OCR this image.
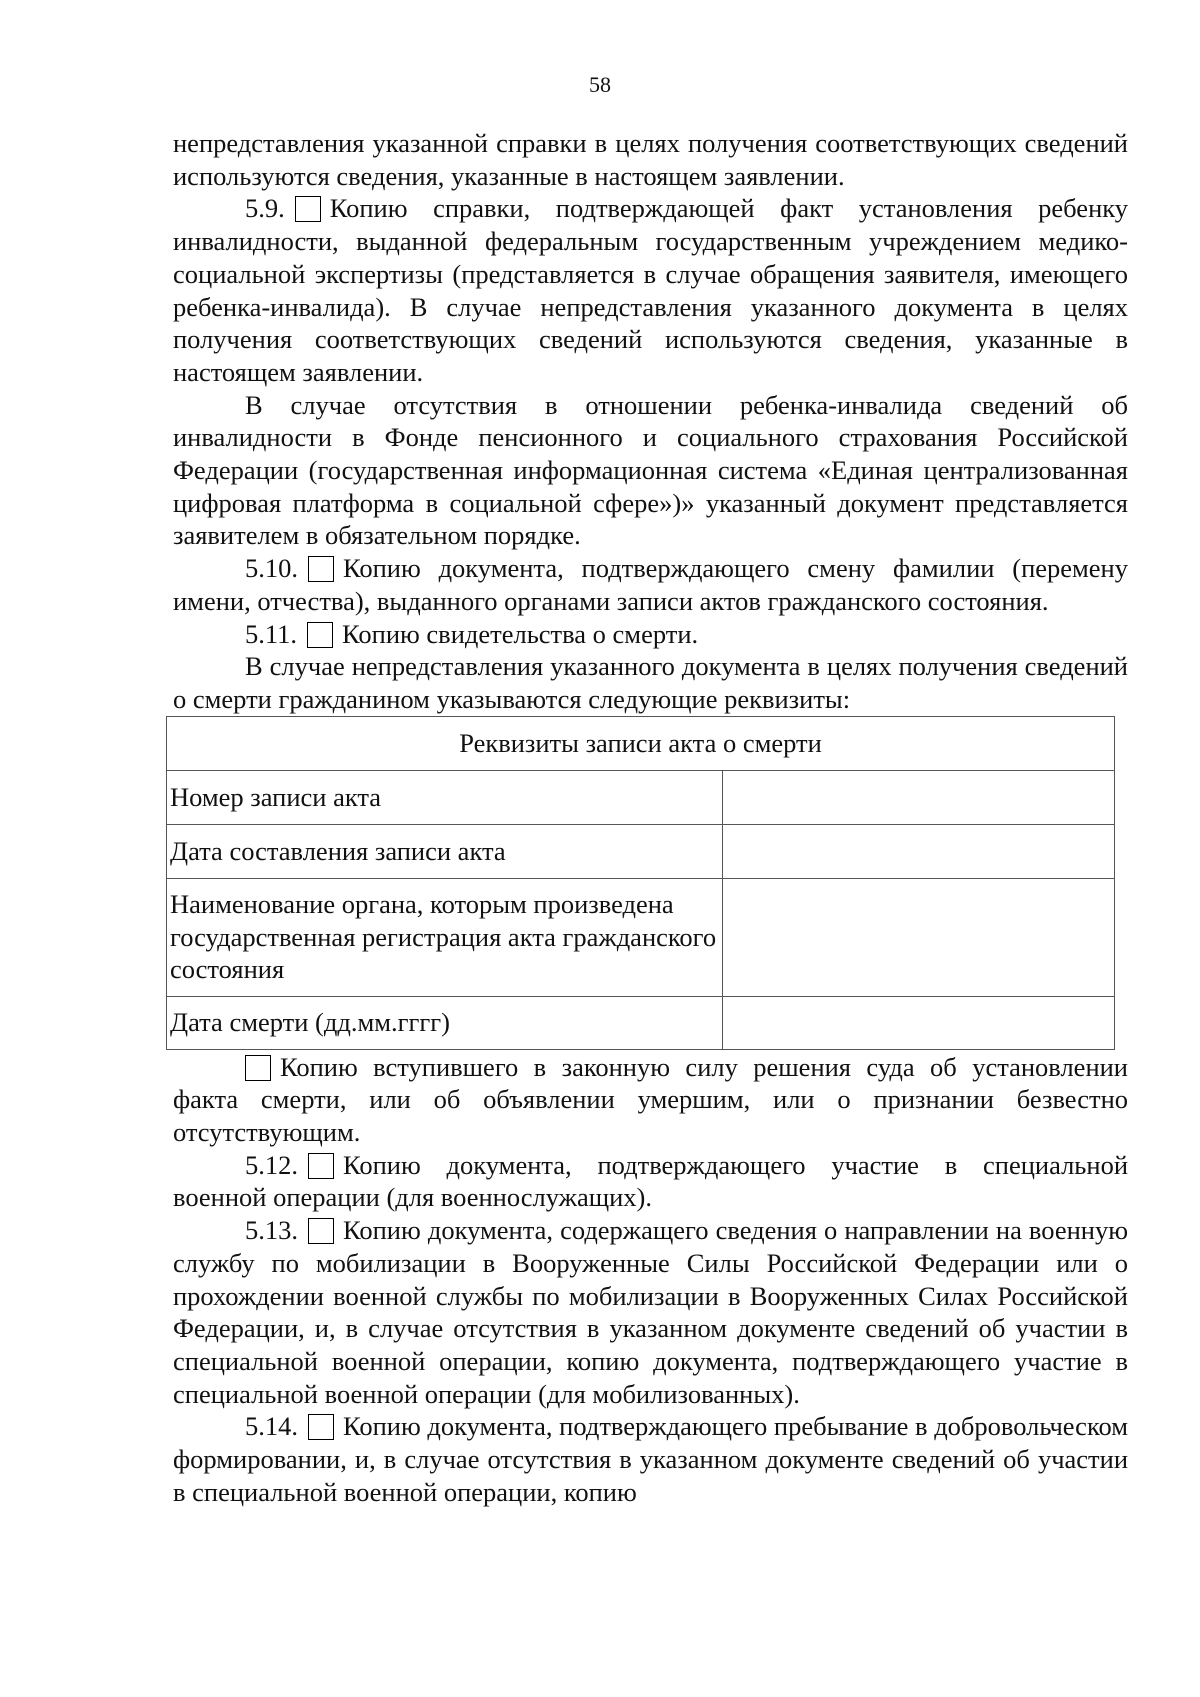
58

непредставления указанной справки в целях получения соответствующих сведений используются сведения, указанные в настоящем заявлении.

5.9. Копию справки, подтверждающей факт установления ребенку инвалидности, выданной федеральным государственным учреждением медико-социальной экспертизы (представляется в случае обращения заявителя, имеющего ребенка-инвалида). В случае непредставления указанного документа в целях получения соответствующих сведений используются сведения, указанные в настоящем заявлении.

В случае отсутствия в отношении ребенка-инвалида сведений об инвалидности в Фонде пенсионного и социального страхования Российской Федерации (государственная информационная система «Единая централизованная цифровая платформа в социальной сфере»)» указанный документ представляется заявителем в обязательном порядке.

5.10. Копию документа, подтверждающего смену фамилии (перемену имени, отчества), выданного органами записи актов гражданского состояния.

5.11. Копию свидетельства о смерти.

В случае непредставления указанного документа в целях получения сведений о смерти гражданином указываются следующие реквизиты:

Реквизиты записи акта о смерти	
Номер записи акта	
Дата составления записи акта	
Наименование органа, которым произведена государственная регистрация акта гражданского состояния	
Дата смерти (дд.мм.гггг)	

Копию вступившего в законную силу решения суда об установлении факта смерти, или об объявлении умершим, или о признании безвестно отсутствующим.

5.12. Копию документа, подтверждающего участие в специальной военной операции (для военнослужащих).

5.13. Копию документа, содержащего сведения о направлении на военную службу по мобилизации в Вооруженные Силы Российской Федерации или о прохождении военной службы по мобилизации в Вооруженных Силах Российской Федерации, и, в случае отсутствия в указанном документе сведений об участии в специальной военной операции, копию документа, подтверждающего участие в специальной военной операции (для мобилизованных).

5.14. Копию документа, подтверждающего пребывание в добровольческом формировании, и, в случае отсутствия в указанном документе сведений об участии в специальной военной операции, копию
